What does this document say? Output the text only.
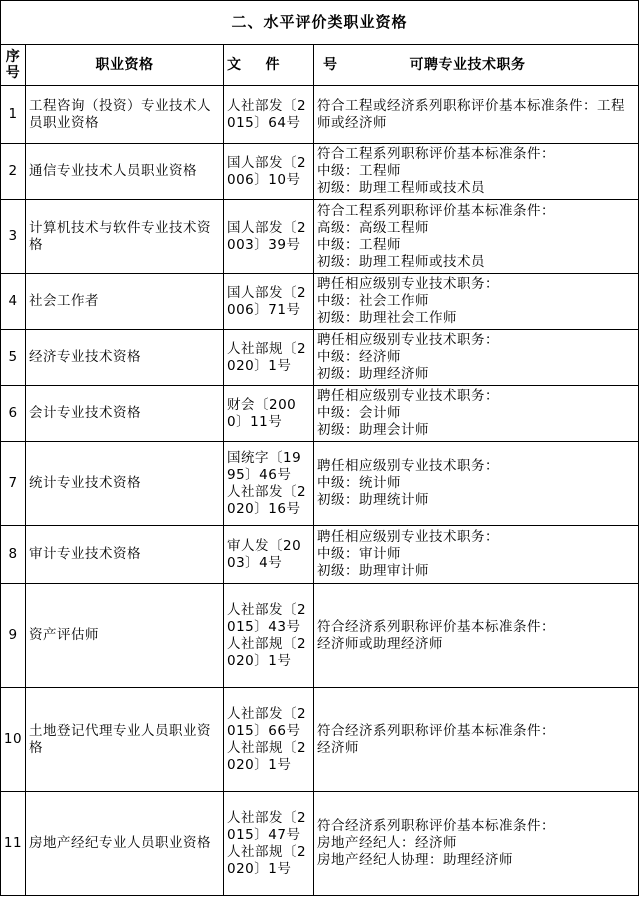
二、水平评价类职业资格			
序号	职业资格	文 件	号 可聘专业技术职务
1	工程咨询（投资）专业技术人员职业资格	人社部发〔2015〕64号	符合工程或经济系列职称评价基本标准条件：工程师或经济师
2	通信专业技术人员职业资格	国人部发〔2006〕10号	符合工程系列职称评价基本标准条件：
中级：工程师
初级：助理工程师或技术员
3	计算机技术与软件专业技术资格	国人部发〔2003〕39号	符合工程系列职称评价基本标准条件：
高级：高级工程师
中级：工程师
初级：助理工程师或技术员
4	社会工作者	国人部发〔2006〕71号	聘任相应级别专业技术职务：
中级：社会工作师
初级：助理社会工作师
5	经济专业技术资格	人社部规〔2020〕1号	聘任相应级别专业技术职务：
中级：经济师
初级：助理经济师
6	会计专业技术资格	财会〔2000〕11号	聘任相应级别专业技术职务：
中级：会计师
初级：助理会计师
7	统计专业技术资格	国统字〔1995〕46号
人社部发〔2020〕16号	聘任相应级别专业技术职务：
中级：统计师
初级：助理统计师
8	审计专业技术资格	审人发〔2003〕4号	聘任相应级别专业技术职务：
中级：审计师
初级：助理审计师
9	资产评估师	人社部发〔2015〕43号
人社部规〔2020〕1号	符合经济系列职称评价基本标准条件：
经济师或助理经济师
10	土地登记代理专业人员职业资格	人社部发〔2015〕66号
人社部规〔2020〕1号	符合经济系列职称评价基本标准条件：
经济师
11	房地产经纪专业人员职业资格	人社部发〔2015〕47号
人社部规〔2020〕1号	符合经济系列职称评价基本标准条件：
房地产经纪人：经济师
房地产经纪人协理：助理经济师
